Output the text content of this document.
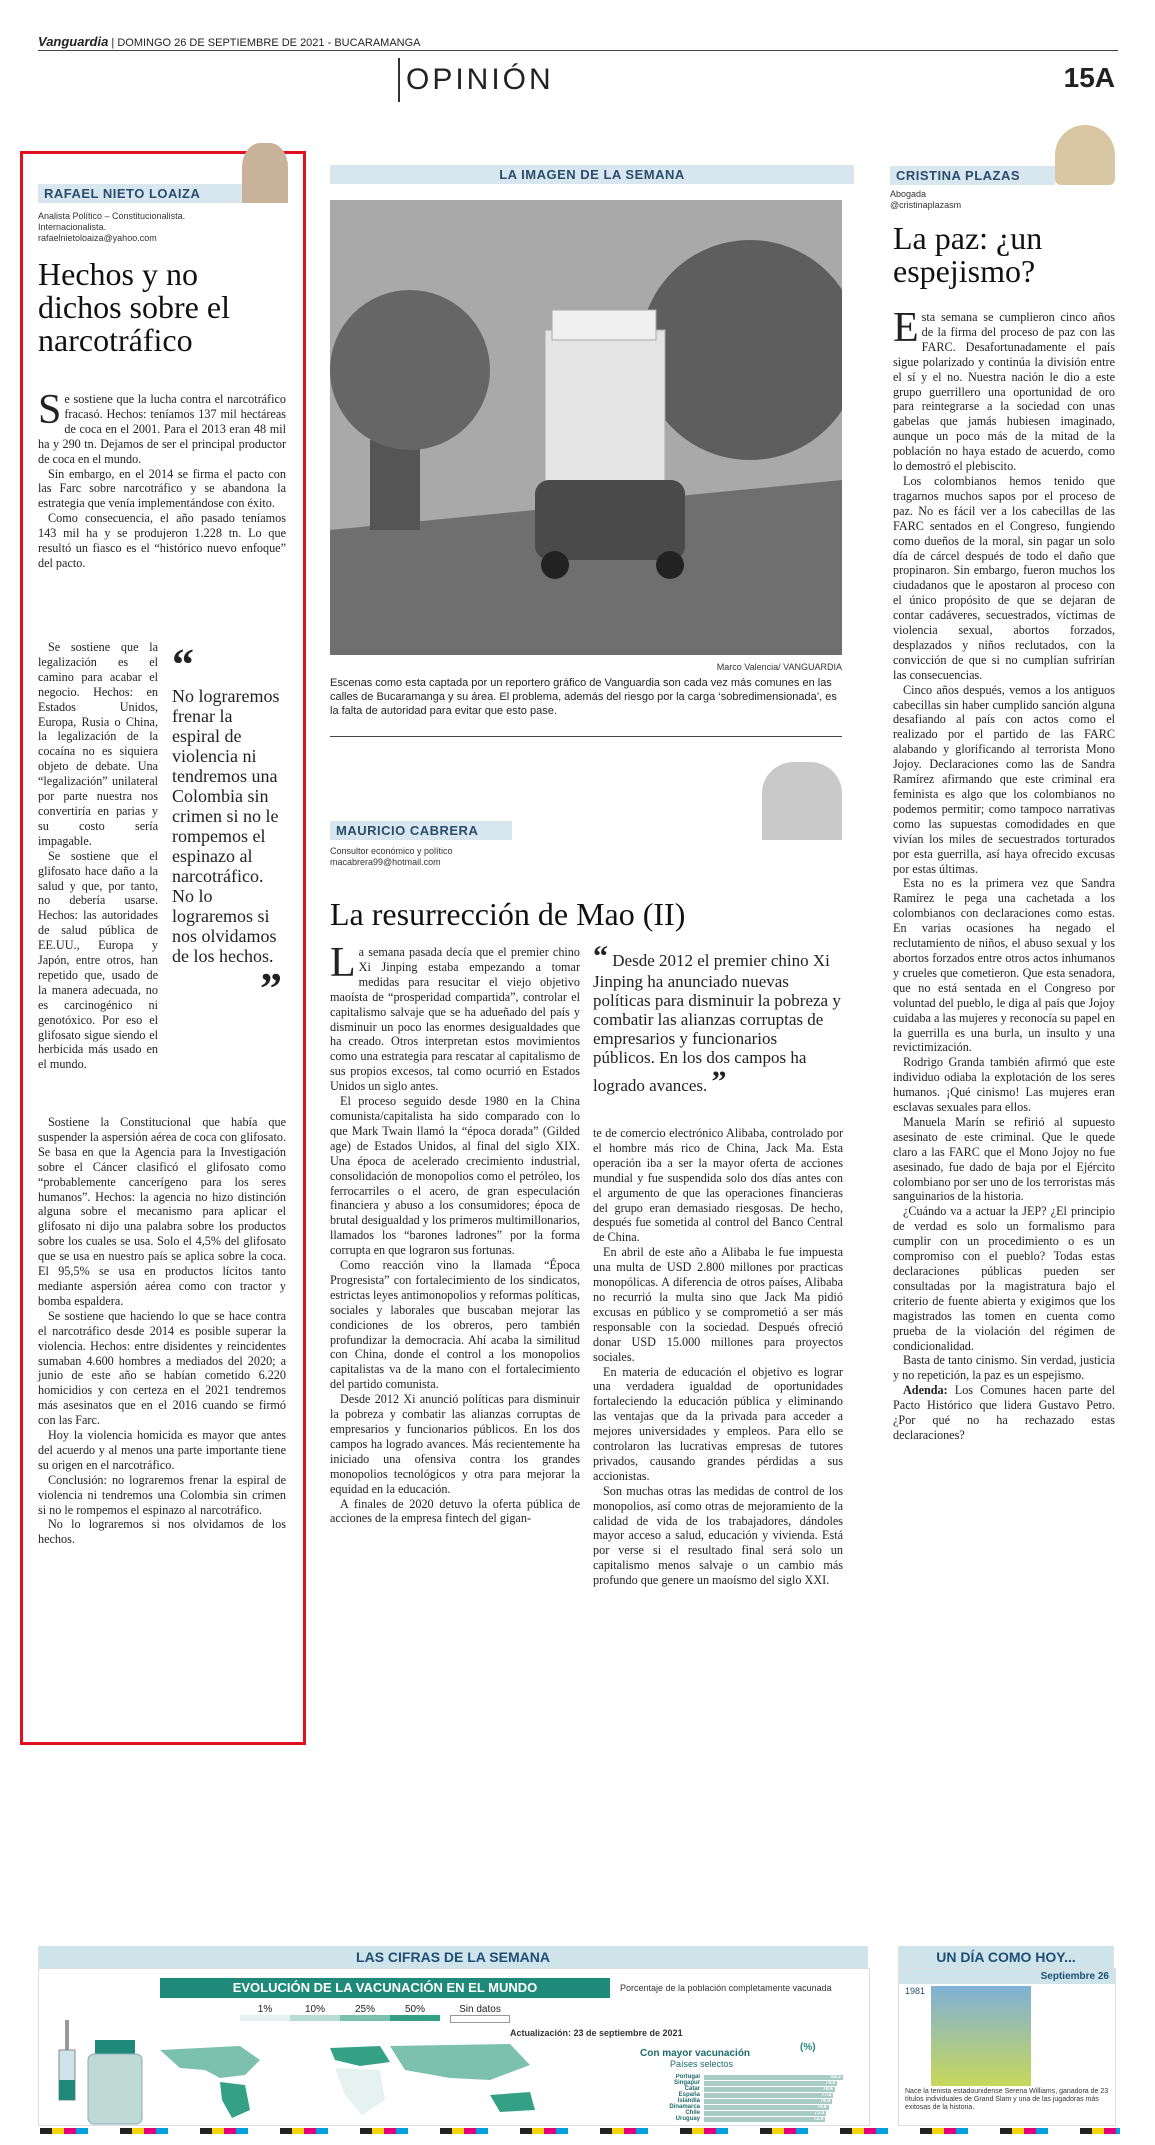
Vanguardia | DOMINGO 26 DE SEPTIEMBRE DE 2021 - BUCARAMANGA
OPINIÓN	15A
RAFAEL NIETO LOAIZA
Analista Político – Constitucionalista.
Internacionalista.
rafaelnietoloaiza@yahoo.com
Hechos y no dichos sobre el narcotráfico

Se sostiene que la lucha contra el narcotráfico fracasó. Hechos: teníamos 137 mil hectáreas de coca en el 2001. Para el 2013 eran 48 mil ha y 290 tn. Dejamos de ser el principal productor de coca en el mundo.

Sin embargo, en el 2014 se firma el pacto con las Farc sobre narcotráfico y se abandona la estrategia que venía implementándose con éxito.

Como consecuencia, el año pasado teníamos 143 mil ha y se produjeron 1.228 tn. Lo que resultó un fiasco es el “histórico nuevo enfoque” del pacto.

Se sostiene que la legalización es el camino para acabar el negocio. Hechos: en Estados Unidos, Europa, Rusia o China, la legalización de la cocaína no es siquiera objeto de debate. Una “legalización” unilateral por parte nuestra nos convertiría en parias y su costo sería impagable.

Se sostiene que el glifosato hace daño a la salud y que, por tanto, no debería usarse. Hechos: las autoridades de salud pública de EE.UU., Europa y Japón, entre otros, han repetido que, usado de la manera adecuada, no es carcinogénico ni genotóxico. Por eso el glifosato sigue siendo el herbicida más usado en el mundo.

“
No lograremos frenar la espiral de violencia ni tendremos una Colombia sin crimen si no le rompemos el espinazo al narcotráfico. No lo lograremos si nos olvidamos de los hechos.
”

Sostiene la Constitucional que había que suspender la aspersión aérea de coca con glifosato. Se basa en que la Agencia para la Investigación sobre el Cáncer clasificó el glifosato como “probablemente cancerígeno para los seres humanos”. Hechos: la agencia no hizo distinción alguna sobre el mecanismo para aplicar el glifosato ni dijo una palabra sobre los productos sobre los cuales se usa. Solo el 4,5% del glifosato que se usa en nuestro país se aplica sobre la coca. El 95,5% se usa en productos lícitos tanto mediante aspersión aérea como con tractor y bomba espaldera.

Se sostiene que haciendo lo que se hace contra el narcotráfico desde 2014 es posible superar la violencia. Hechos: entre disidentes y reincidentes sumaban 4.600 hombres a mediados del 2020; a junio de este año se habían cometido 6.220 homicidios y con certeza en el 2021 tendremos más asesinatos que en el 2016 cuando se firmó con las Farc.

Hoy la violencia homicida es mayor que antes del acuerdo y al menos una parte importante tiene su origen en el narcotráfico.

Conclusión: no lograremos frenar la espiral de violencia ni tendremos una Colombia sin crimen si no le rompemos el espinazo al narcotráfico.

No lo lograremos si nos olvidamos de los hechos.

LA IMAGEN DE LA SEMANA
Marco Valencia/ VANGUARDIA
Escenas como esta captada por un reportero gráfico de Vanguardia son cada vez más comunes en las calles de Bucaramanga y su área. El problema, además del riesgo por la carga ‘sobredimensionada’, es la falta de autoridad para evitar que esto pase.
MAURICIO CABRERA
Consultor económico y político
macabrera99@hotmail.com
La resurrección de Mao (II)

La semana pasada decía que el premier chino Xi Jinping estaba empezando a tomar medidas para resucitar el viejo objetivo maoísta de “prosperidad compartida”, controlar el capitalismo salvaje que se ha adueñado del país y disminuir un poco las enormes desigualdades que ha creado. Otros interpretan estos movimientos como una estrategia para rescatar al capitalismo de sus propios excesos, tal como ocurrió en Estados Unidos un siglo antes.

El proceso seguido desde 1980 en la China comunista/capitalista ha sido comparado con lo que Mark Twain llamó la “época dorada” (Gilded age) de Estados Unidos, al final del siglo XIX. Una época de acelerado crecimiento industrial, consolidación de monopolios como el petróleo, los ferrocarriles o el acero, de gran especulación financiera y abuso a los consumidores; época de brutal desigualdad y los primeros multimillonarios, llamados los “barones ladrones” por la forma corrupta en que lograron sus fortunas.

Como reacción vino la llamada “Época Progresista” con fortalecimiento de los sindicatos, estrictas leyes antimonopolios y reformas políticas, sociales y laborales que buscaban mejorar las condiciones de los obreros, pero también profundizar la democracia. Ahí acaba la similitud con China, donde el control a los monopolios capitalistas va de la mano con el fortalecimiento del partido comunista.

Desde 2012 Xi anunció políticas para disminuir la pobreza y combatir las alianzas corruptas de empresarios y funcionarios públicos. En los dos campos ha logrado avances. Más recientemente ha iniciado una ofensiva contra los grandes monopolios tecnológicos y otra para mejorar la equidad en la educación.

A finales de 2020 detuvo la oferta pública de acciones de la empresa fintech del gigan-

“ Desde 2012 el premier chino Xi Jinping ha anunciado nuevas políticas para disminuir la pobreza y combatir las alianzas corruptas de empresarios y funcionarios públicos. En los dos campos ha logrado avances. ”

te de comercio electrónico Alibaba, controlado por el hombre más rico de China, Jack Ma. Esta operación iba a ser la mayor oferta de acciones mundial y fue suspendida solo dos días antes con el argumento de que las operaciones financieras del grupo eran demasiado riesgosas. De hecho, después fue sometida al control del Banco Central de China.

En abril de este año a Alibaba le fue impuesta una multa de USD 2.800 millones por practicas monopólicas. A diferencia de otros países, Alibaba no recurrió la multa sino que Jack Ma pidió excusas en público y se comprometió a ser más responsable con la sociedad. Después ofreció donar USD 15.000 millones para proyectos sociales.

En materia de educación el objetivo es lograr una verdadera igualdad de oportunidades fortaleciendo la educación pública y eliminando las ventajas que da la privada para acceder a mejores universidades y empleos. Para ello se controlaron las lucrativas empresas de tutores privados, causando grandes pérdidas a sus accionistas.

Son muchas otras las medidas de control de los monopolios, así como otras de mejoramiento de la calidad de vida de los trabajadores, dándoles mayor acceso a salud, educación y vivienda. Está por verse si el resultado final será solo un capitalismo menos salvaje o un cambio más profundo que genere un maoísmo del siglo XXI.

CRISTINA PLAZAS
Abogada
@cristinaplazasm
La paz: ¿un espejismo?

Esta semana se cumplieron cinco años de la firma del proceso de paz con las FARC. Desafortunadamente el país sigue polarizado y continúa la división entre el sí y el no. Nuestra nación le dio a este grupo guerrillero una oportunidad de oro para reintegrarse a la sociedad con unas gabelas que jamás hubiesen imaginado, aunque un poco más de la mitad de la población no haya estado de acuerdo, como lo demostró el plebiscito.

Los colombianos hemos tenido que tragarnos muchos sapos por el proceso de paz. No es fácil ver a los cabecillas de las FARC sentados en el Congreso, fungiendo como dueños de la moral, sin pagar un solo día de cárcel después de todo el daño que propinaron. Sin embargo, fueron muchos los ciudadanos que le apostaron al proceso con el único propósito de que se dejaran de contar cadáveres, secuestrados, víctimas de violencia sexual, abortos forzados, desplazados y niños reclutados, con la convicción de que si no cumplían sufrirían las consecuencias.

Cinco años después, vemos a los antiguos cabecillas sin haber cumplido sanción alguna desafiando al país con actos como el realizado por el partido de las FARC alabando y glorificando al terrorista Mono Jojoy. Declaraciones como las de Sandra Ramírez afirmando que este criminal era feminista es algo que los colombianos no podemos permitir; como tampoco narrativas como las supuestas comodidades en que vivían los miles de secuestrados torturados por esta guerrilla, así haya ofrecido excusas por estas últimas.

Esta no es la primera vez que Sandra Ramírez le pega una cachetada a los colombianos con declaraciones como estas. En varias ocasiones ha negado el reclutamiento de niños, el abuso sexual y los abortos forzados entre otros actos inhumanos y crueles que cometieron. Que esta senadora, que no está sentada en el Congreso por voluntad del pueblo, le diga al país que Jojoy cuidaba a las mujeres y reconocía su papel en la guerrilla es una burla, un insulto y una revictimización.

Rodrigo Granda también afirmó que este individuo odiaba la explotación de los seres humanos. ¡Qué cinismo! Las mujeres eran esclavas sexuales para ellos.

Manuela Marín se refirió al supuesto asesinato de este criminal. Que le quede claro a las FARC que el Mono Jojoy no fue asesinado, fue dado de baja por el Ejército colombiano por ser uno de los terroristas más sanguinarios de la historia.

¿Cuándo va a actuar la JEP? ¿El principio de verdad es solo un formalismo para cumplir con un procedimiento o es un compromiso con el pueblo? Todas estas declaraciones públicas pueden ser consultadas por la magistratura bajo el criterio de fuente abierta y exigimos que los magistrados las tomen en cuenta como prueba de la violación del régimen de condicionalidad.

Basta de tanto cinismo. Sin verdad, justicia y no repetición, la paz es un espejismo.

Adenda: Los Comunes hacen parte del Pacto Histórico que lidera Gustavo Petro. ¿Por qué no ha rechazado estas declaraciones?

LAS CIFRAS DE LA SEMANA
EVOLUCIÓN DE LA VACUNACIÓN EN EL MUNDO	Porcentaje de la población completamente vacunada
1%	10%	25%	50%	Sin datos
Actualización: 23 de septiembre de 2021
Con mayor vacunación
Países selectos
(%)
Portugal	83.3
Singapur	79.9
Catar	78.4
España	77.6
Islandia	76.9
Dinamarca	74.8
Chile	73.3
Uruguay	72.8
UN DÍA COMO HOY...
Septiembre 26
1981
Nace la tenista estadounidense Serena Williams, ganadora de 23 títulos individuales de Grand Slam y una de las jugadoras más exitosas de la historia.
